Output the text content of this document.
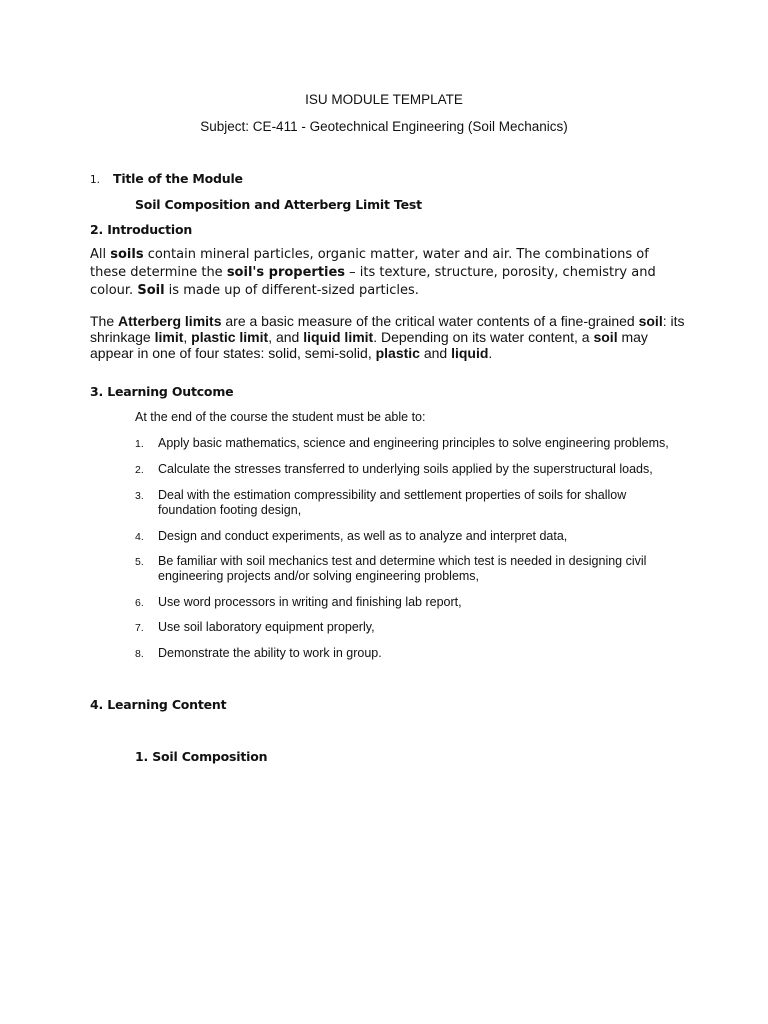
ISU MODULE TEMPLATE

Subject: CE-411 - Geotechnical Engineering (Soil Mechanics)

1. Title of the Module
Soil Composition and Atterberg Limit Test
2. Introduction

All soils contain mineral particles, organic matter, water and air. The combinations of these determine the soil's properties – its texture, structure, porosity, chemistry and colour. Soil is made up of different-sized particles.

The Atterberg limits are a basic measure of the critical water contents of a fine-grained soil: its shrinkage limit, plastic limit, and liquid limit. Depending on its water content, a soil may appear in one of four states: solid, semi-solid, plastic and liquid.

3. Learning Outcome
At the end of the course the student must be able to:
1. Apply basic mathematics, science and engineering principles to solve engineering problems,
2. Calculate the stresses transferred to underlying soils applied by the superstructural loads,
3. Deal with the estimation compressibility and settlement properties of soils for shallow foundation footing design,
4. Design and conduct experiments, as well as to analyze and interpret data,
5. Be familiar with soil mechanics test and determine which test is needed in designing civil engineering projects and/or solving engineering problems,
6. Use word processors in writing and finishing lab report,
7. Use soil laboratory equipment properly,
8. Demonstrate the ability to work in group.
4. Learning Content
1. Soil Composition
